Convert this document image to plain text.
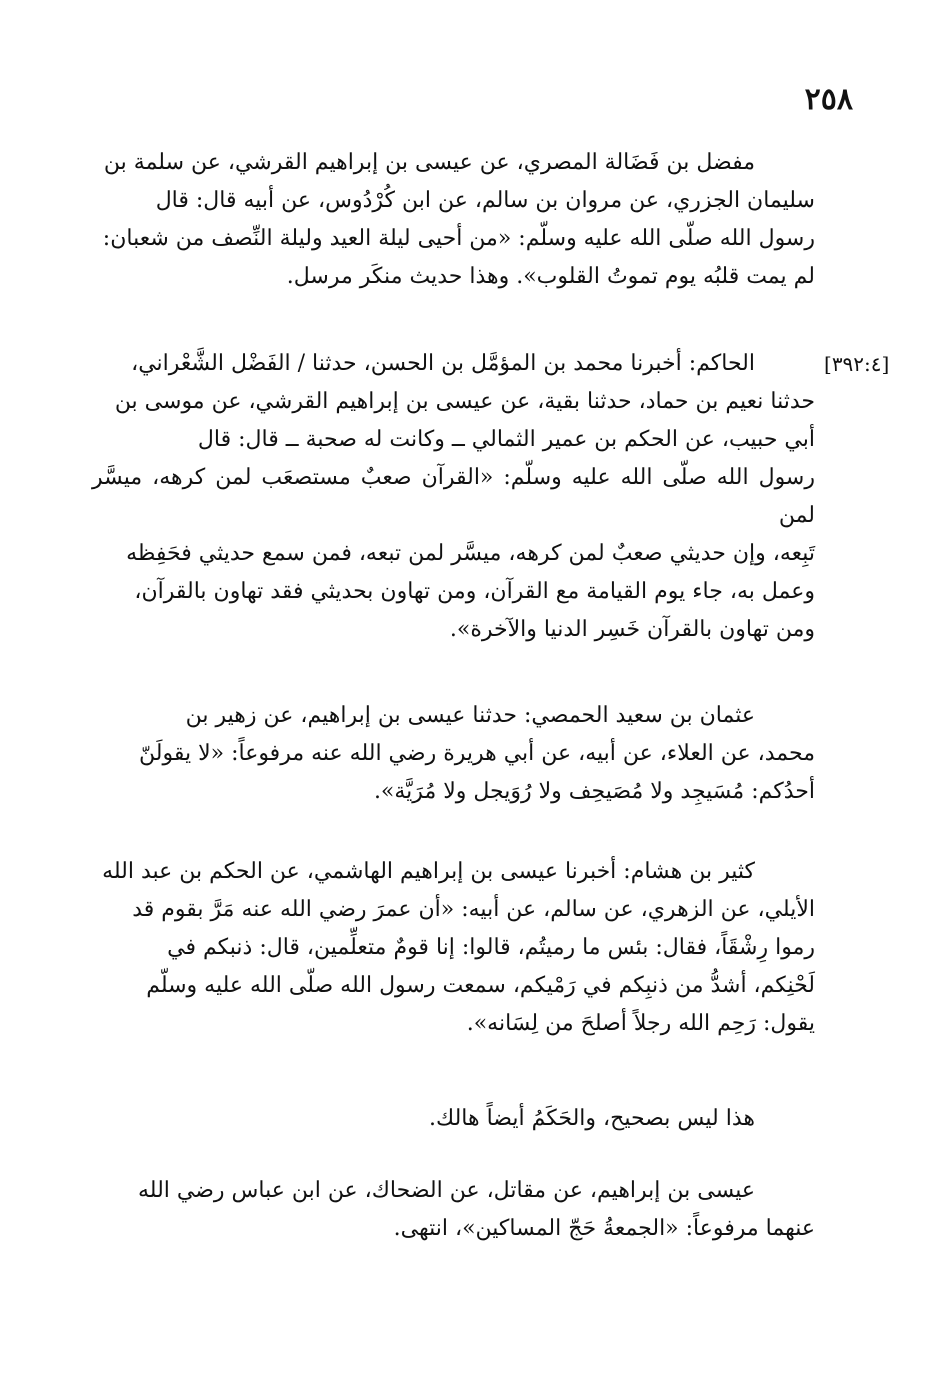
٢٥٨
[٣٩٢:٤]
مفضل بن فَضَالة المصري، عن عيسى بن إبراهيم القرشي، عن سلمة بن
سليمان الجزري، عن مروان بن سالم، عن ابن كُرْدُوس، عن أبيه قال: قال
رسول الله صلّى الله عليه وسلّم: «من أحيى ليلة العيد وليلة النِّصف من شعبان:
لم يمت قلبُه يوم تموتُ القلوب». وهذا حديث منكَر مرسل.
الحاكم: أخبرنا محمد بن المؤمَّل بن الحسن، حدثنا / الفَضْل الشَّعْراني،
حدثنا نعيم بن حماد، حدثنا بقية، عن عيسى بن إبراهيم القرشي، عن موسى بن
أبي حبيب، عن الحكم بن عمير الثمالي ــ وكانت له صحبة ــ قال: قال
رسول الله صلّى الله عليه وسلّم: «القرآن صعبٌ مستصعَب لمن كرهه، ميسَّر لمن
تَبِعه، وإن حديثي صعبٌ لمن كرهه، ميسَّر لمن تبعه، فمن سمع حديثي فحَفِظه
وعمل به، جاء يوم القيامة مع القرآن، ومن تهاون بحديثي فقد تهاون بالقرآن،
ومن تهاون بالقرآن خَسِر الدنيا والآخرة».
عثمان بن سعيد الحمصي: حدثنا عيسى بن إبراهيم، عن زهير بن
محمد، عن العلاء، عن أبيه، عن أبي هريرة رضي الله عنه مرفوعاً: «لا يقولَنّ
أحدُكم: مُسَيجِد ولا مُصَيحِف ولا رُوَيجل ولا مُرَيَّة».
كثير بن هشام: أخبرنا عيسى بن إبراهيم الهاشمي، عن الحكم بن عبد الله
الأيلي، عن الزهري، عن سالم، عن أبيه: «أن عمرَ رضي الله عنه مَرَّ بقوم قد
رموا رِشْقَاً، فقال: بئس ما رميتُم، قالوا: إنا قومٌ متعلِّمين، قال: ذنبكم في
لَحْنِكم، أشدُّ من ذنبِكم في رَمْيكم، سمعت رسول الله صلّى الله عليه وسلّم
يقول: رَحِم الله رجلاً أصلحَ من لِسَانه».
هذا ليس بصحيح، والحَكَمُ أيضاً هالك.
عيسى بن إبراهيم، عن مقاتل، عن الضحاك، عن ابن عباس رضي الله
عنهما مرفوعاً: «الجمعةُ حَجّ المساكين»، انتهى.
